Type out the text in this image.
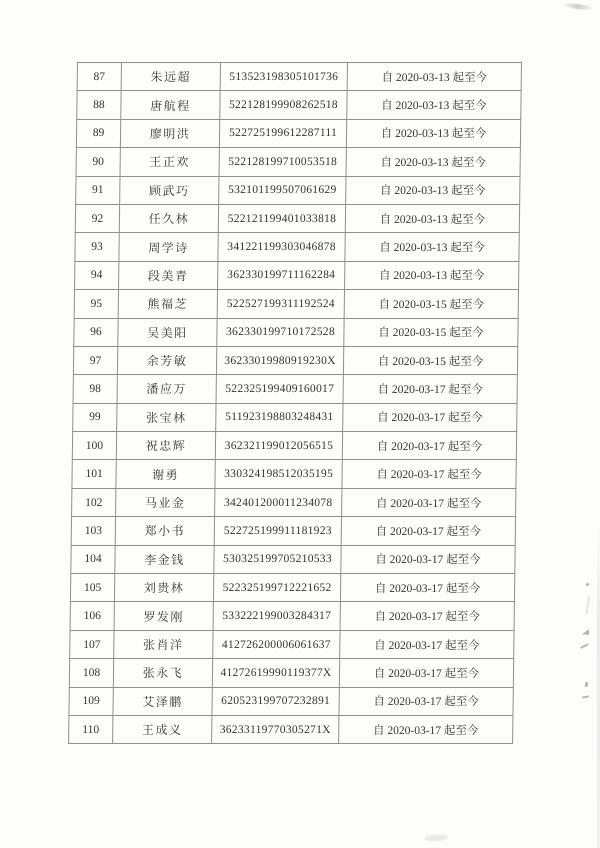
87	朱远超	513523198305101736	自 2020-03-13 起至今
88	唐航程	522128199908262518	自 2020-03-13 起至今
89	廖明洪	522725199612287111	自 2020-03-13 起至今
90	王正欢	522128199710053518	自 2020-03-13 起至今
91	顾武巧	532101199507061629	自 2020-03-13 起至今
92	任久林	522121199401033818	自 2020-03-13 起至今
93	周学诗	341221199303046878	自 2020-03-13 起至今
94	段美青	362330199711162284	自 2020-03-13 起至今
95	熊福芝	522527199311192524	自 2020-03-15 起至今
96	吴美阳	362330199710172528	自 2020-03-15 起至今
97	余芳敏	36233019980919230X	自 2020-03-15 起至今
98	潘应万	522325199409160017	自 2020-03-17 起至今
99	张宝林	511923198803248431	自 2020-03-17 起至今
100	祝忠辉	362321199012056515	自 2020-03-17 起至今
101	谢勇	330324198512035195	自 2020-03-17 起至今
102	马业金	342401200011234078	自 2020-03-17 起至今
103	郑小书	522725199911181923	自 2020-03-17 起至今
104	李金钱	530325199705210533	自 2020-03-17 起至今
105	刘贵林	522325199712221652	自 2020-03-17 起至今
106	罗发刚	533222199003284317	自 2020-03-17 起至今
107	张肖洋	412726200006061637	自 2020-03-17 起至今
108	张永飞	41272619990119377X	自 2020-03-17 起至今
109	艾泽鹏	620523199707232891	自 2020-03-17 起至今
110	王成义	36233119770305271X	自 2020-03-17 起至今
